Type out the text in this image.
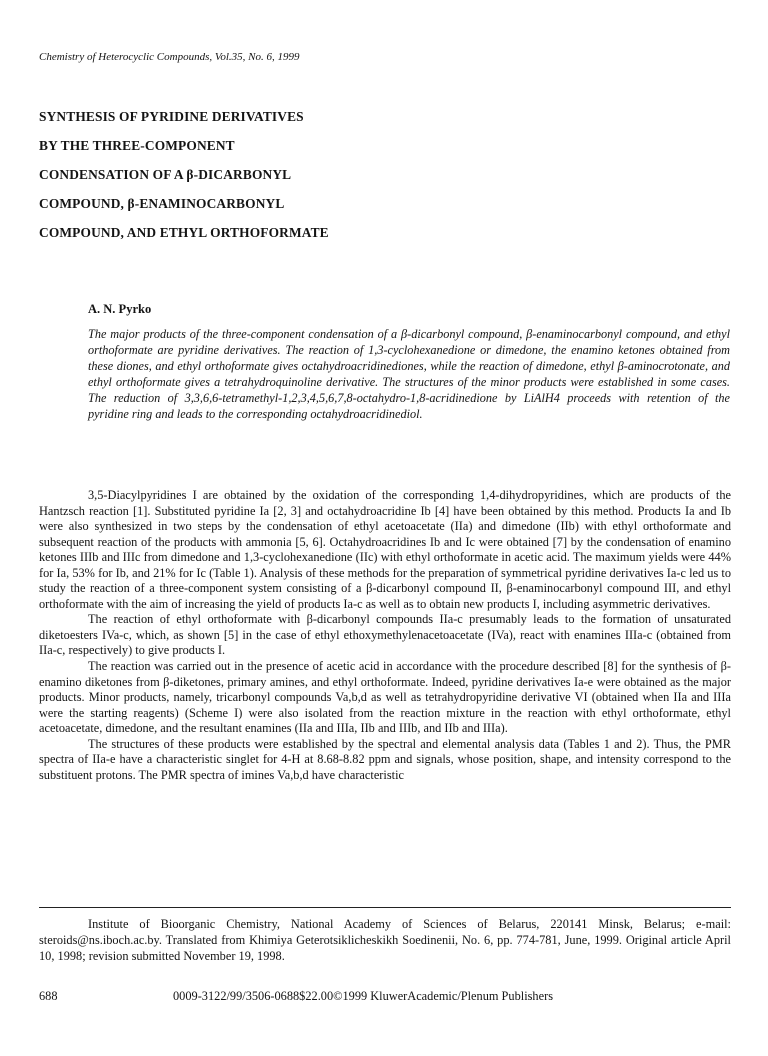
Chemistry of Heterocyclic Compounds, Vol.35, No. 6, 1999
SYNTHESIS OF PYRIDINE DERIVATIVES
BY THE THREE-COMPONENT
CONDENSATION OF A β-DICARBONYL
COMPOUND, β-ENAMINOCARBONYL
COMPOUND, AND ETHYL ORTHOFORMATE
A. N. Pyrko

The major products of the three-component condensation of a β-dicarbonyl compound, β-enaminocarbonyl compound, and ethyl orthoformate are pyridine derivatives. The reaction of 1,3-cyclohexanedione or dimedone, the enamino ketones obtained from these diones, and ethyl orthoformate gives octahydroacridinediones, while the reaction of dimedone, ethyl β-aminocrotonate, and ethyl orthoformate gives a tetrahydroquinoline derivative. The structures of the minor products were established in some cases. The reduction of 3,3,6,6-tetramethyl-1,2,3,4,5,6,7,8-octahydro-1,8-acridinedione by LiAlH4 proceeds with retention of the pyridine ring and leads to the corresponding octahydroacridinediol.

3,5-Diacylpyridines I are obtained by the oxidation of the corresponding 1,4-dihydropyridines, which are products of the Hantzsch reaction [1]. Substituted pyridine Ia [2, 3] and octahydroacridine Ib [4] have been obtained by this method. Products Ia and Ib were also synthesized in two steps by the condensation of ethyl acetoacetate (IIa) and dimedone (IIb) with ethyl orthoformate and subsequent reaction of the products with ammonia [5, 6]. Octahydroacridines Ib and Ic were obtained [7] by the condensation of enamino ketones IIIb and IIIc from dimedone and 1,3-cyclohexanedione (IIc) with ethyl orthoformate in acetic acid. The maximum yields were 44% for Ia, 53% for Ib, and 21% for Ic (Table 1). Analysis of these methods for the preparation of symmetrical pyridine derivatives Ia-c led us to study the reaction of a three-component system consisting of a β-dicarbonyl compound II, β-enaminocarbonyl compound III, and ethyl orthoformate with the aim of increasing the yield of products Ia-c as well as to obtain new products I, including asymmetric derivatives.

The reaction of ethyl orthoformate with β-dicarbonyl compounds IIa-c presumably leads to the formation of unsaturated diketoesters IVa-c, which, as shown [5] in the case of ethyl ethoxymethylenacetoacetate (IVa), react with enamines IIIa-c (obtained from IIa-c, respectively) to give products I.

The reaction was carried out in the presence of acetic acid in accordance with the procedure described [8] for the synthesis of β-enamino diketones from β-diketones, primary amines, and ethyl orthoformate. Indeed, pyridine derivatives Ia-e were obtained as the major products. Minor products, namely, tricarbonyl compounds Va,b,d as well as tetrahydropyridine derivative VI (obtained when IIa and IIIa were the starting reagents) (Scheme I) were also isolated from the reaction mixture in the reaction with ethyl orthoformate, ethyl acetoacetate, dimedone, and the resultant enamines (IIa and IIIa, IIb and IIIb, and IIb and IIIa).

The structures of these products were established by the spectral and elemental analysis data (Tables 1 and 2). Thus, the PMR spectra of IIa-e have a characteristic singlet for 4-H at 8.68-8.82 ppm and signals, whose position, shape, and intensity correspond to the substituent protons. The PMR spectra of imines Va,b,d have characteristic

Institute of Bioorganic Chemistry, National Academy of Sciences of Belarus, 220141 Minsk, Belarus; e-mail: steroids@ns.iboch.ac.by. Translated from Khimiya Geterotsiklicheskikh Soedinenii, No. 6, pp. 774-781, June, 1999. Original article April 10, 1998; revision submitted November 19, 1998.

688	0009-3122/99/3506-0688$22.00©1999 KluwerAcademic/Plenum Publishers
